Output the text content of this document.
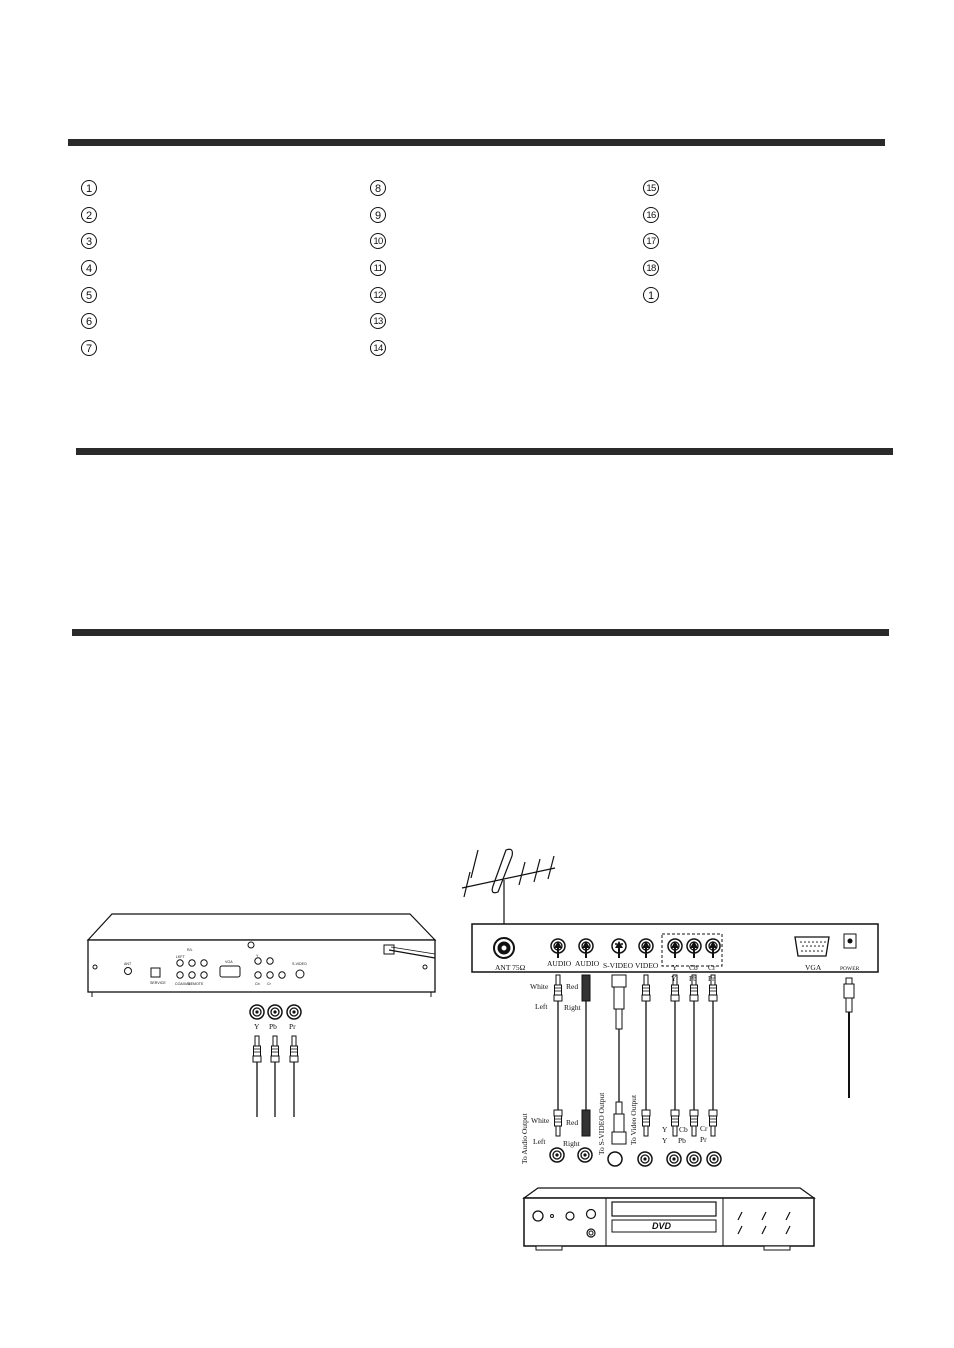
1
2
3
4
5
6
7
8
9
10
11
12
13
14
15
16
17
18
1
ANT
SERVICE
R/L
LEFT
COAXIAL
REMOTE
VGA
Y
Cb Cr
S-VIDEO
Y Pb Pr
ANT 75Ω	AUDIO AUDIO S-VIDEO VIDEO Y Cb Cr	VGA	POWER
White
Left
Red
Right
Y Pb Pr
White
Left
Red
Right
Y Cb Cr
Y Pb Pr
To Audio Output	To S-VIDEO Output	To Video Output
DVD
